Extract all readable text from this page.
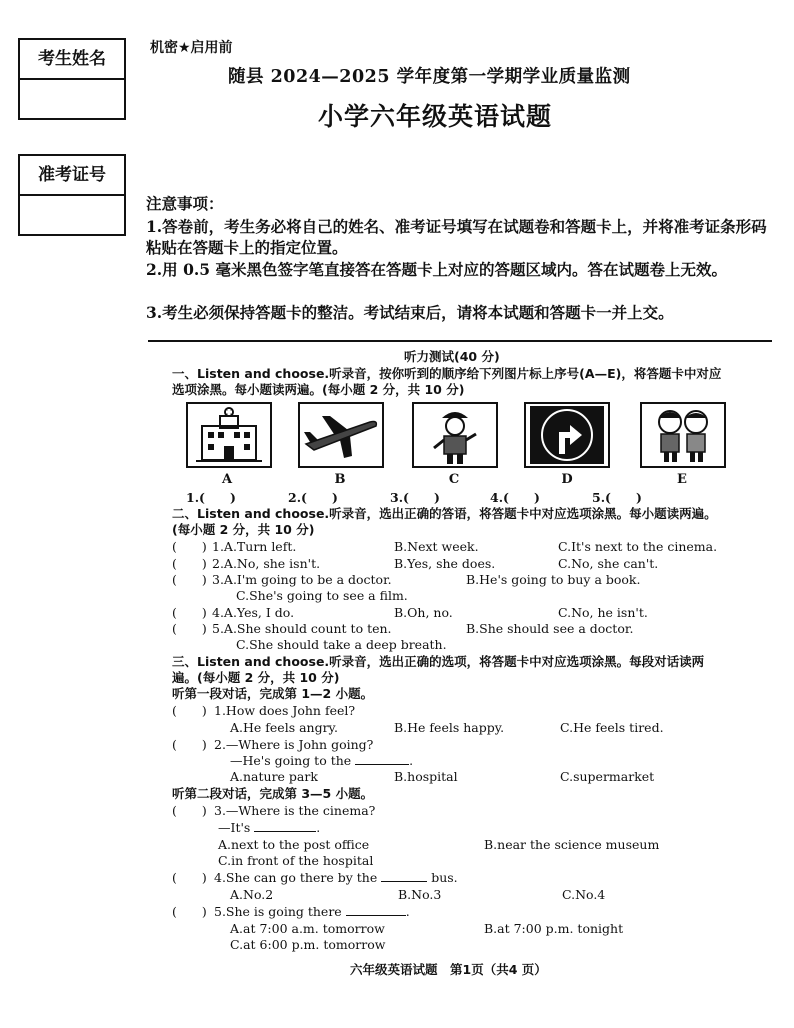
考生姓名
准考证号
机密★启用前
随县 2024—2025 学年度第一学期学业质量监测
小学六年级英语试题
注意事项：
1.答卷前，考生务必将自己的姓名、准考证号填写在试题卷和答题卡上，并将准考证条形码粘贴在答题卡上的指定位置。
2.用 0.5 毫米黑色签字笔直接答在答题卡上对应的答题区域内。答在试题卷上无效。
3.考生必须保持答题卡的整洁。考试结束后，请将本试题和答题卡一并上交。
听力测试(40 分)
一、Listen and choose.听录音，按你听到的顺序给下列图片标上序号(A—E)，将答题卡中对应
选项涂黑。每小题读两遍。(每小题 2 分，共 10 分)
A	B	C	D	E
1.(　　)	2.(　　)	3.(　　)	4.(　　)	5.(　　)
二、Listen and choose.听录音，选出正确的答语，将答题卡中对应选项涂黑。每小题读两遍。
(每小题 2 分，共 10 分)
(　　) 1.A.Turn left.	B.Next week.	C.It's next to the cinema.
(　　) 2.A.No, she isn't.	B.Yes, she does.	C.No, she can't.
(　　) 3.A.I'm going to be a doctor.	B.He's going to buy a book.
C.She's going to see a film.
(　　) 4.A.Yes, I do.	B.Oh, no.	C.No, he isn't.
(　　) 5.A.She should count to ten.	B.She should see a doctor.
C.She should take a deep breath.
三、Listen and choose.听录音，选出正确的选项，将答题卡中对应选项涂黑。每段对话读两
遍。(每小题 2 分，共 10 分)
听第一段对话，完成第 1—2 小题。
(　　) 1.How does John feel?
A.He feels angry.	B.He feels happy.	C.He feels tired.
(　　) 2.—Where is John going?
—He's going to the	.
A.nature park	B.hospital	C.supermarket
听第二段对话，完成第 3—5 小题。
(　　) 3.—Where is the cinema?
—It's	.
A.next to the post office	B.near the science museum
C.in front of the hospital
(　　) 4.She can go there by the	bus.
A.No.2	B.No.3	C.No.4
(　　) 5.She is going there	.
A.at 7:00 a.m. tomorrow	B.at 7:00 p.m. tonight
C.at 6:00 p.m. tomorrow
六年级英语试题　第1页（共4 页）
